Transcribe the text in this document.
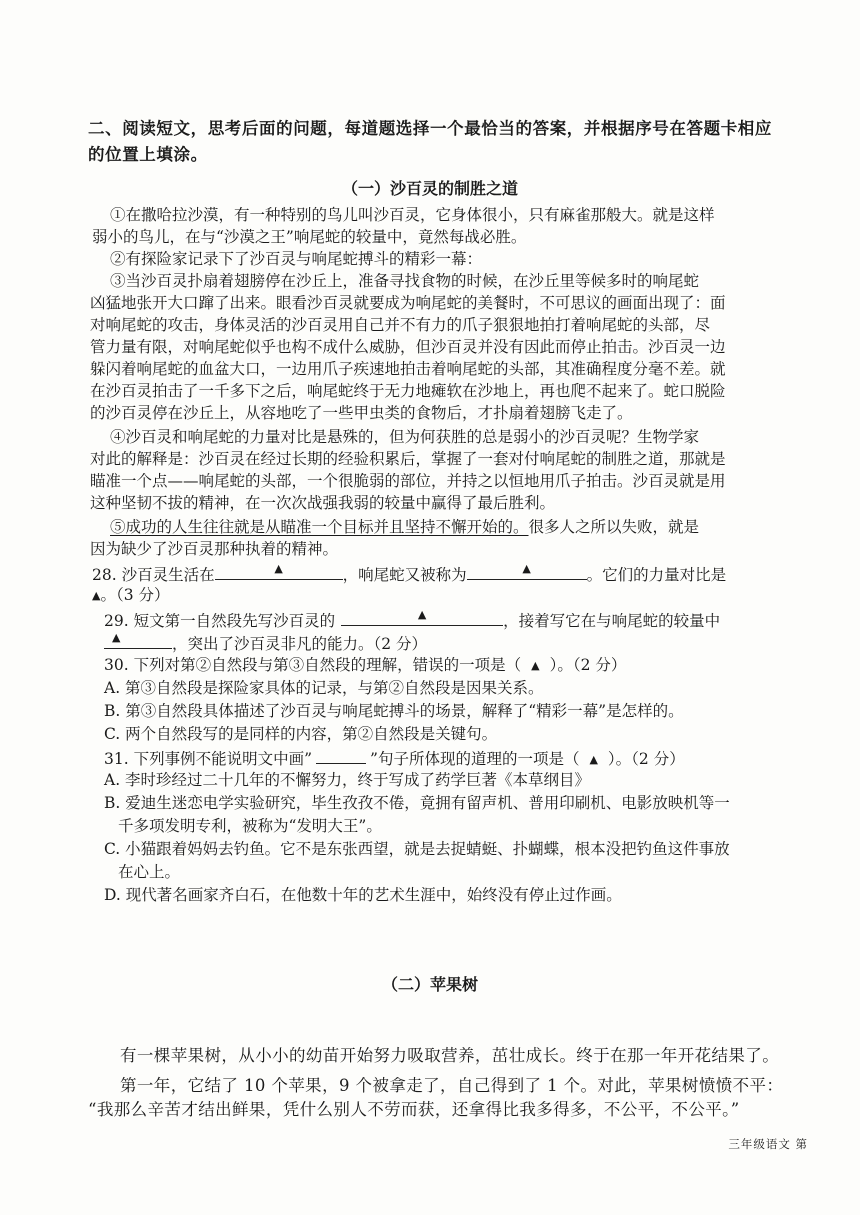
二、阅读短文，思考后面的问题，每道题选择一个最恰当的答案，并根据序号在答题卡相应
的位置上填涂。
（一）沙百灵的制胜之道
①在撒哈拉沙漠，有一种特别的鸟儿叫沙百灵，它身体很小，只有麻雀那般大。就是这样
弱小的鸟儿，在与“沙漠之王”响尾蛇的较量中，竟然每战必胜。
②有探险家记录下了沙百灵与响尾蛇搏斗的精彩一幕：
③当沙百灵扑扇着翅膀停在沙丘上，准备寻找食物的时候，在沙丘里等候多时的响尾蛇
凶猛地张开大口蹿了出来。眼看沙百灵就要成为响尾蛇的美餐时，不可思议的画面出现了：面
对响尾蛇的攻击，身体灵活的沙百灵用自己并不有力的爪子狠狠地拍打着响尾蛇的头部，尽
管力量有限，对响尾蛇似乎也构不成什么威胁，但沙百灵并没有因此而停止拍击。沙百灵一边
躲闪着响尾蛇的血盆大口，一边用爪子疾速地拍击着响尾蛇的头部，其准确程度分毫不差。就
在沙百灵拍击了一千多下之后，响尾蛇终于无力地瘫软在沙地上，再也爬不起来了。蛇口脱险
的沙百灵停在沙丘上，从容地吃了一些甲虫类的食物后，才扑扇着翅膀飞走了。
④沙百灵和响尾蛇的力量对比是悬殊的，但为何获胜的总是弱小的沙百灵呢？生物学家
对此的解释是：沙百灵在经过长期的经验积累后，掌握了一套对付响尾蛇的制胜之道，那就是
瞄准一个点——响尾蛇的头部，一个很脆弱的部位，并持之以恒地用爪子拍击。沙百灵就是用
这种坚韧不拔的精神，在一次次战强我弱的较量中赢得了最后胜利。
⑤成功的人生往往就是从瞄准一个目标并且坚持不懈开始的。很多人之所以失败，就是
因为缺少了沙百灵那种执着的精神。
28. 沙百灵生活在	▲	，响尾蛇又被称为	▲	。它们的力量对比是
▲。（3 分）
29. 短文第一自然段先写沙百灵的	▲	，接着写它在与响尾蛇的较量中
▲	，突出了沙百灵非凡的能力。（2 分）
30. 下列对第②自然段与第③自然段的理解，错误的一项是（ ▲ ）。（2 分）
A. 第③自然段是探险家具体的记录，与第②自然段是因果关系。
B. 第③自然段具体描述了沙百灵与响尾蛇搏斗的场景，解释了“精彩一幕”是怎样的。
C. 两个自然段写的是同样的内容，第②自然段是关键句。
31. 下列事例不能说明文中画”	”句子所体现的道理的一项是（ ▲ ）。（2 分）
A. 李时珍经过二十几年的不懈努力，终于写成了药学巨著《本草纲目》
B. 爱迪生迷恋电学实验研究，毕生孜孜不倦，竟拥有留声机、普用印刷机、电影放映机等一
千多项发明专利，被称为“发明大王”。
C. 小猫跟着妈妈去钓鱼。它不是东张西望，就是去捉蜻蜓、扑蝴蝶，根本没把钓鱼这件事放
在心上。
D. 现代著名画家齐白石，在他数十年的艺术生涯中，始终没有停止过作画。
（二）苹果树
有一棵苹果树，从小小的幼苗开始努力吸取营养，茁壮成长。终于在那一年开花结果了。
第一年，它结了 10 个苹果，9 个被拿走了，自己得到了 1 个。对此，苹果树愤愤不平：
“我那么辛苦才结出鲜果，凭什么别人不劳而获，还拿得比我多得多，不公平，不公平。”
三年级语文 第
